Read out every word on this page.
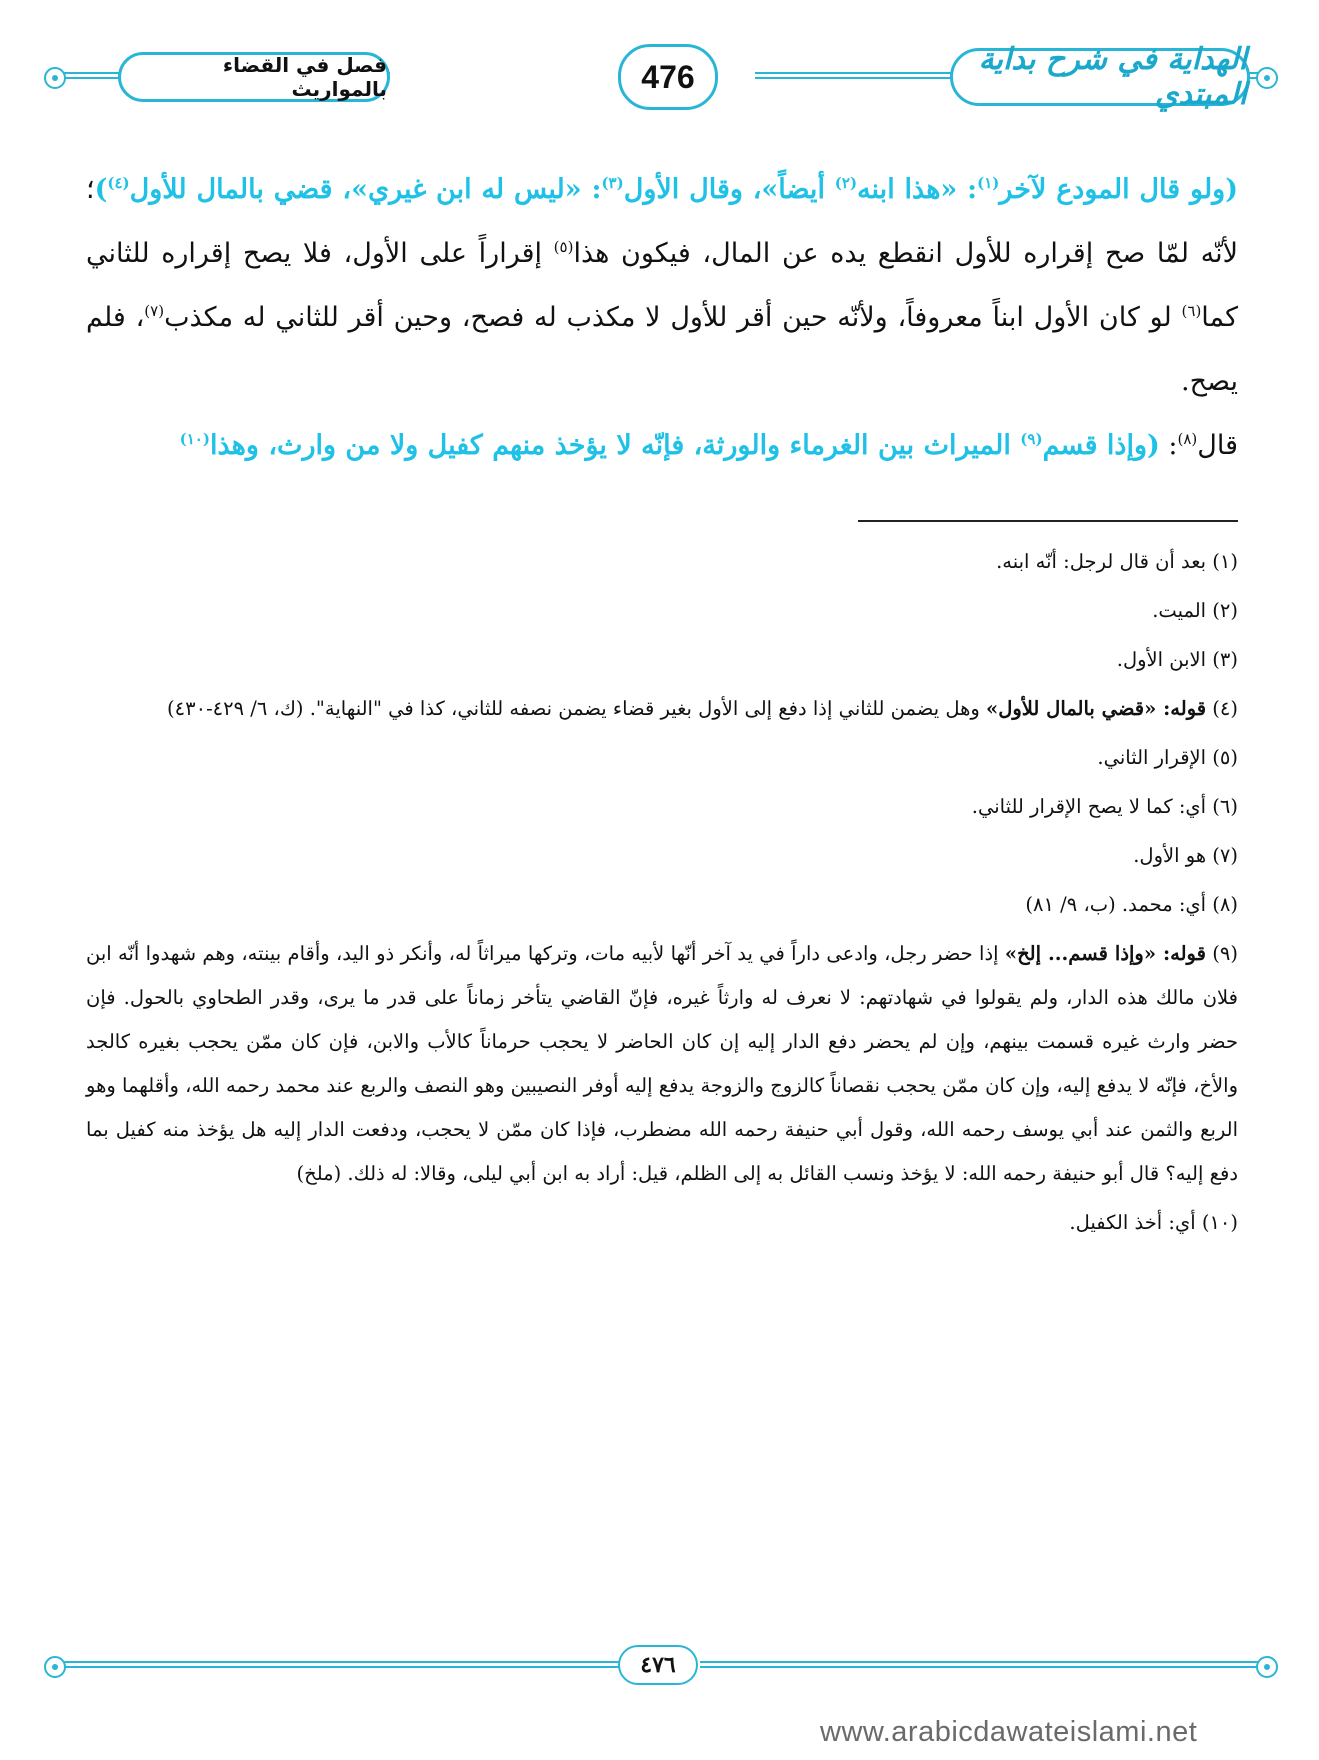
فصل في القضاء بالمواريث	476	الهداية في شرح بداية المبتدي

(ولو قال المودع لآخر$^{(١)}$: «هذا ابنه$^{(٢)}$ أيضاً»، وقال الأول$^{(٣)}$: «ليس له ابن غيري»، قضي بالمال للأول$^{(٤)}$)؛ لأنّه لمّا صح إقراره للأول انقطع يده عن المال، فيكون هذا$^{(٥)}$ إقراراً على الأول، فلا يصح إقراره للثاني كما$^{(٦)}$ لو كان الأول ابناً معروفاً، ولأنّه حين أقر للأول لا مكذب له فصح، وحين أقر للثاني له مكذب$^{(٧)}$، فلم يصح.

قال$^{(٨)}$: (وإذا قسم$^{(٩)}$ الميراث بين الغرماء والورثة، فإنّه لا يؤخذ منهم كفيل ولا من وارث، وهذا$^{(١٠)}$

(١) بعد أن قال لرجل: أنّه ابنه.

(٢) الميت.

(٣) الابن الأول.

(٤) قوله: «قضي بالمال للأول» وهل يضمن للثاني إذا دفع إلى الأول بغير قضاء يضمن نصفه للثاني، كذا في "النهاية". (ك، ٦/ ٤٢٩-٤٣٠)

(٥) الإقرار الثاني.

(٦) أي: كما لا يصح الإقرار للثاني.

(٧) هو الأول.

(٨) أي: محمد. (ب، ٩/ ٨١)

(٩) قوله: «وإذا قسم... إلخ» إذا حضر رجل، وادعى داراً في يد آخر أنّها لأبيه مات، وتركها ميراثاً له، وأنكر ذو اليد، وأقام بينته، وهم شهدوا أنّه ابن فلان مالك هذه الدار، ولم يقولوا في شهادتهم: لا نعرف له وارثاً غيره، فإنّ القاضي يتأخر زماناً على قدر ما يرى، وقدر الطحاوي بالحول. فإن حضر وارث غيره قسمت بينهم، وإن لم يحضر دفع الدار إليه إن كان الحاضر لا يحجب حرماناً كالأب والابن، فإن كان ممّن يحجب بغيره كالجد والأخ، فإنّه لا يدفع إليه، وإن كان ممّن يحجب نقصاناً كالزوج والزوجة يدفع إليه أوفر النصيبين وهو النصف والربع عند محمد رحمه الله، وأقلهما وهو الربع والثمن عند أبي يوسف رحمه الله، وقول أبي حنيفة رحمه الله مضطرب، فإذا كان ممّن لا يحجب، ودفعت الدار إليه هل يؤخذ منه كفيل بما دفع إليه؟ قال أبو حنيفة رحمه الله: لا يؤخذ ونسب القائل به إلى الظلم، قيل: أراد به ابن أبي ليلى، وقالا: له ذلك. (ملخ)

(١٠) أي: أخذ الكفيل.

٤٧٦
www.arabicdawateislami.net
